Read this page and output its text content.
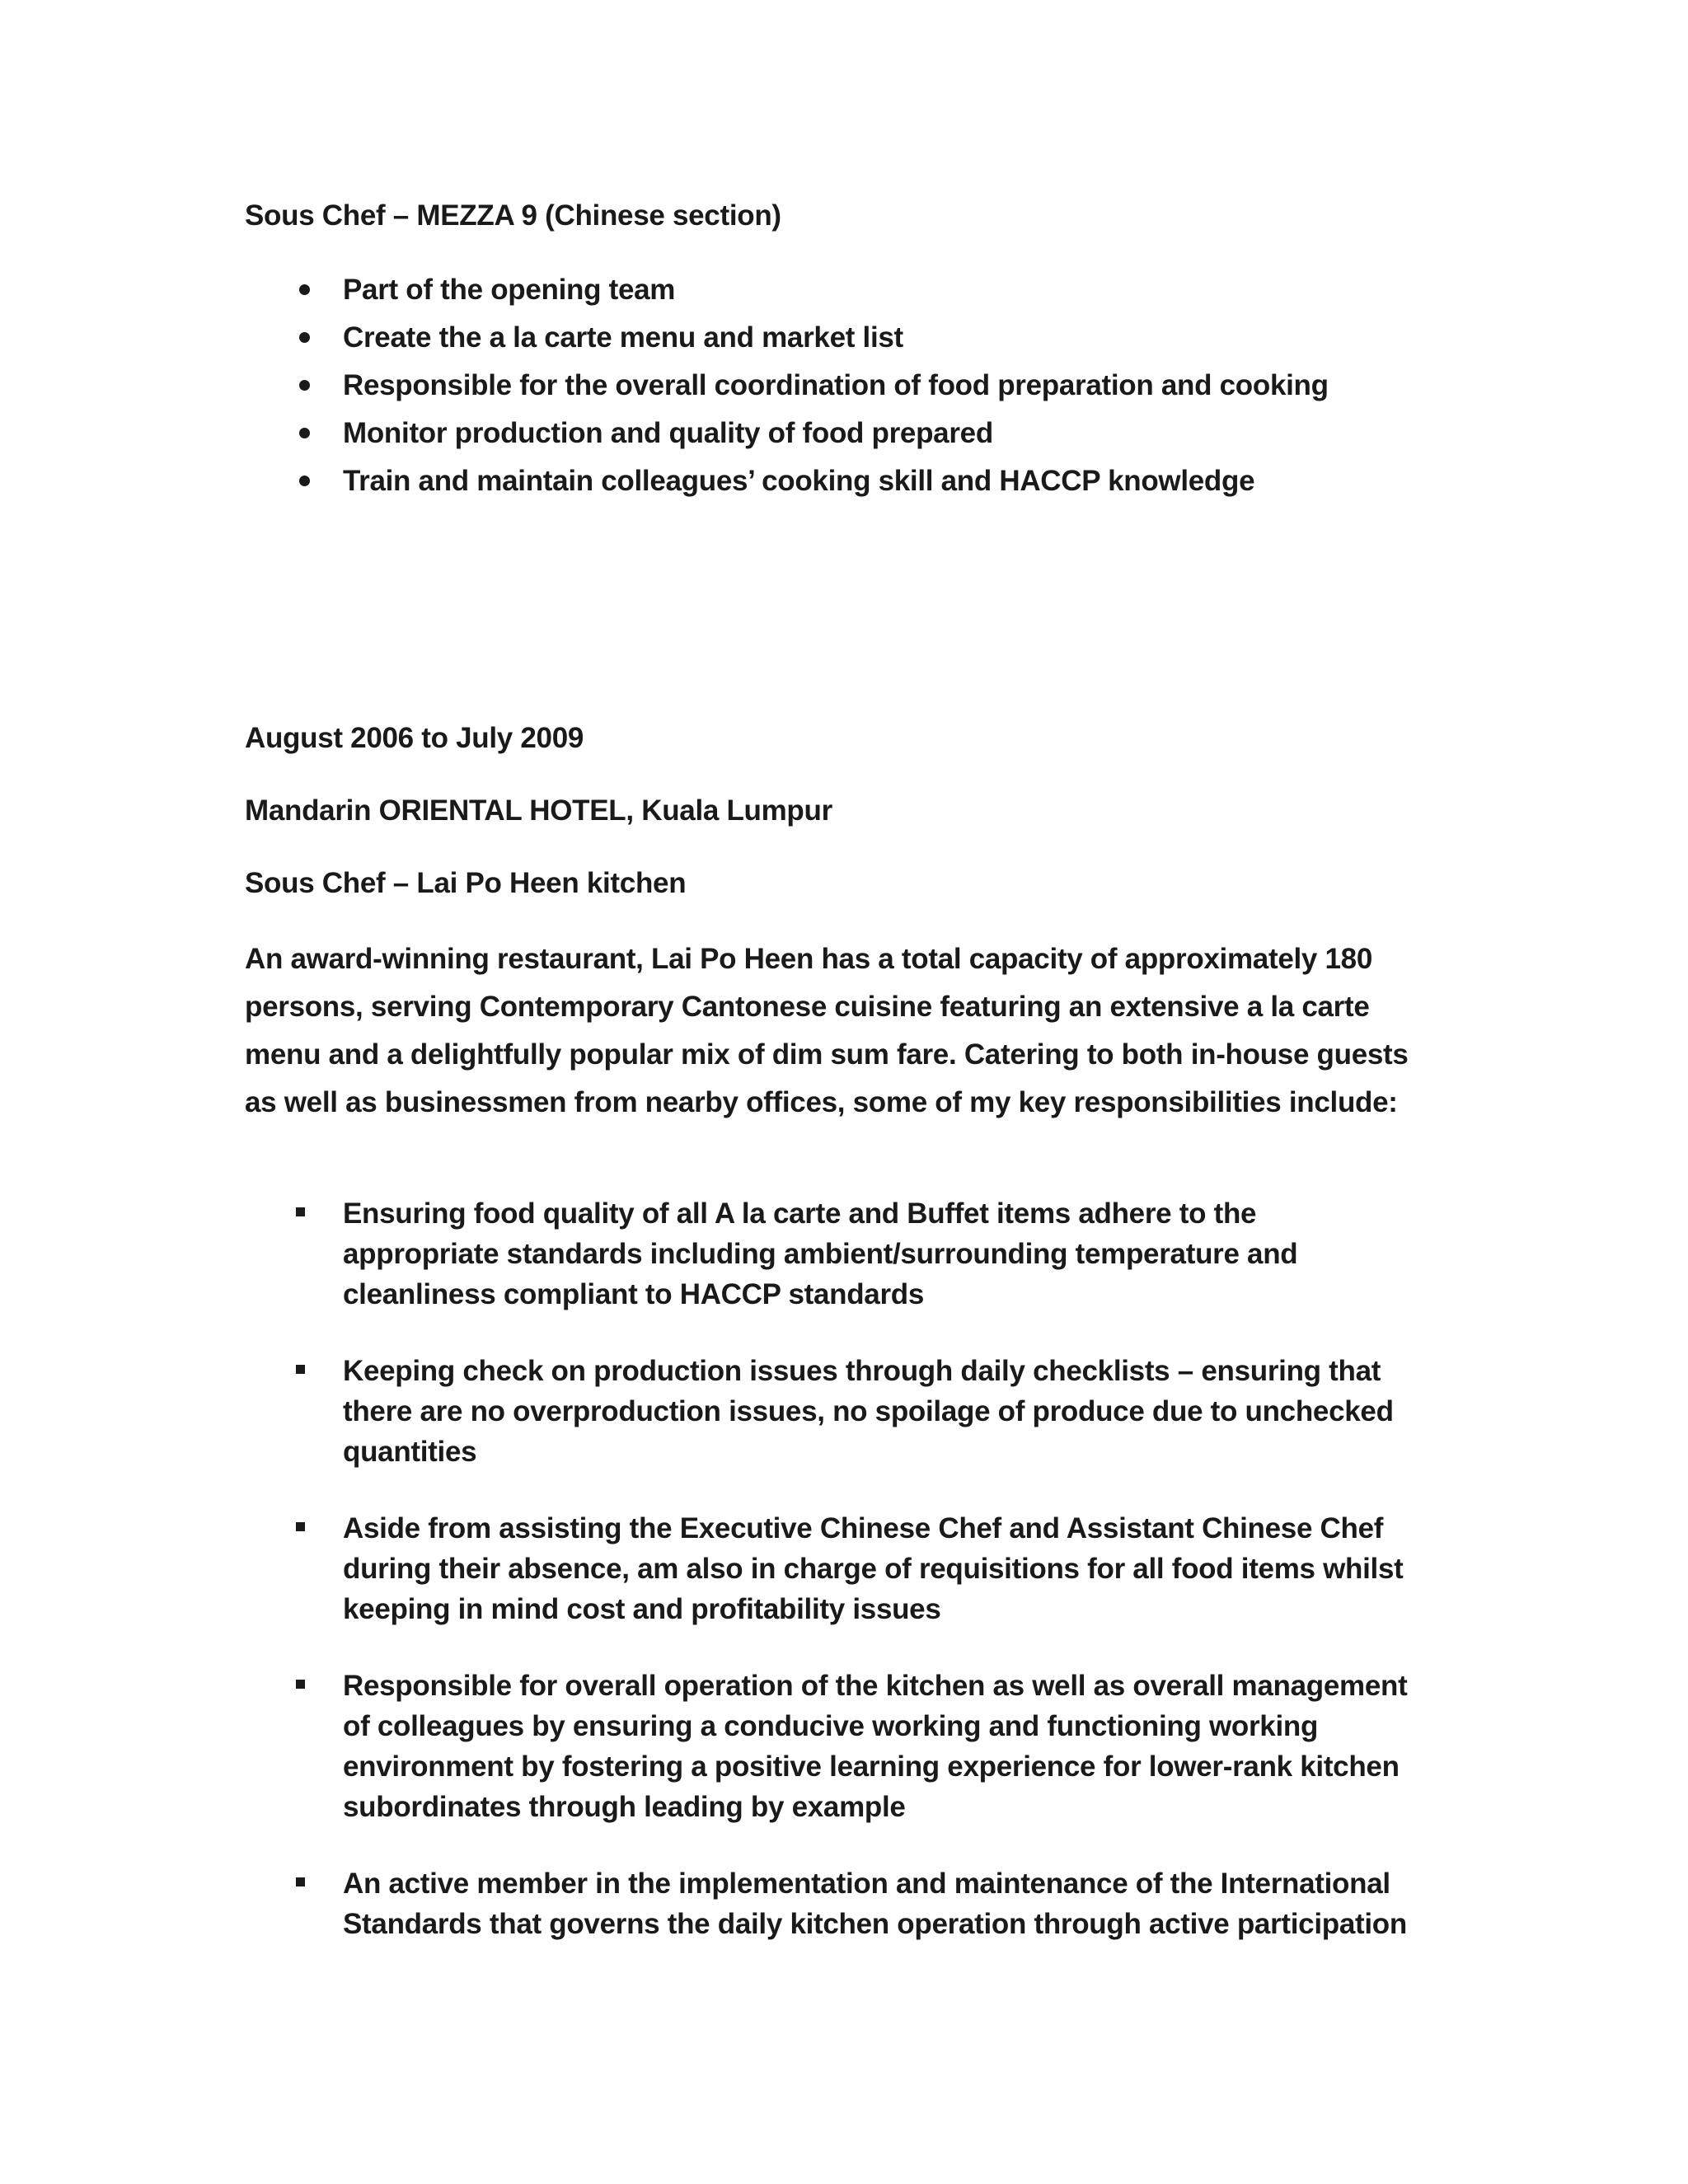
Sous Chef – MEZZA 9 (Chinese section)
Part of the opening team
Create the a la carte menu and market list
Responsible for the overall coordination of food preparation and cooking
Monitor production and quality of food prepared
Train and maintain colleagues’ cooking skill and HACCP knowledge
August 2006 to July 2009
Mandarin ORIENTAL HOTEL, Kuala Lumpur
Sous Chef – Lai Po Heen kitchen
An award-winning restaurant, Lai Po Heen has a total capacity of approximately 180
persons, serving Contemporary Cantonese cuisine featuring an extensive a la carte
menu and a delightfully popular mix of dim sum fare. Catering to both in-house guests
as well as businessmen from nearby offices, some of my key responsibilities include:
Ensuring food quality of all A la carte and Buffet items adhere to the
appropriate standards including ambient/surrounding temperature and
cleanliness compliant to HACCP standards
Keeping check on production issues through daily checklists – ensuring that
there are no overproduction issues, no spoilage of produce due to unchecked
quantities
Aside from assisting the Executive Chinese Chef and Assistant Chinese Chef
during their absence, am also in charge of requisitions for all food items whilst
keeping in mind cost and profitability issues
Responsible for overall operation of the kitchen as well as overall management
of colleagues by ensuring a conducive working and functioning working
environment by fostering a positive learning experience for lower-rank kitchen
subordinates through leading by example
An active member in the implementation and maintenance of the International
Standards that governs the daily kitchen operation through active participation
